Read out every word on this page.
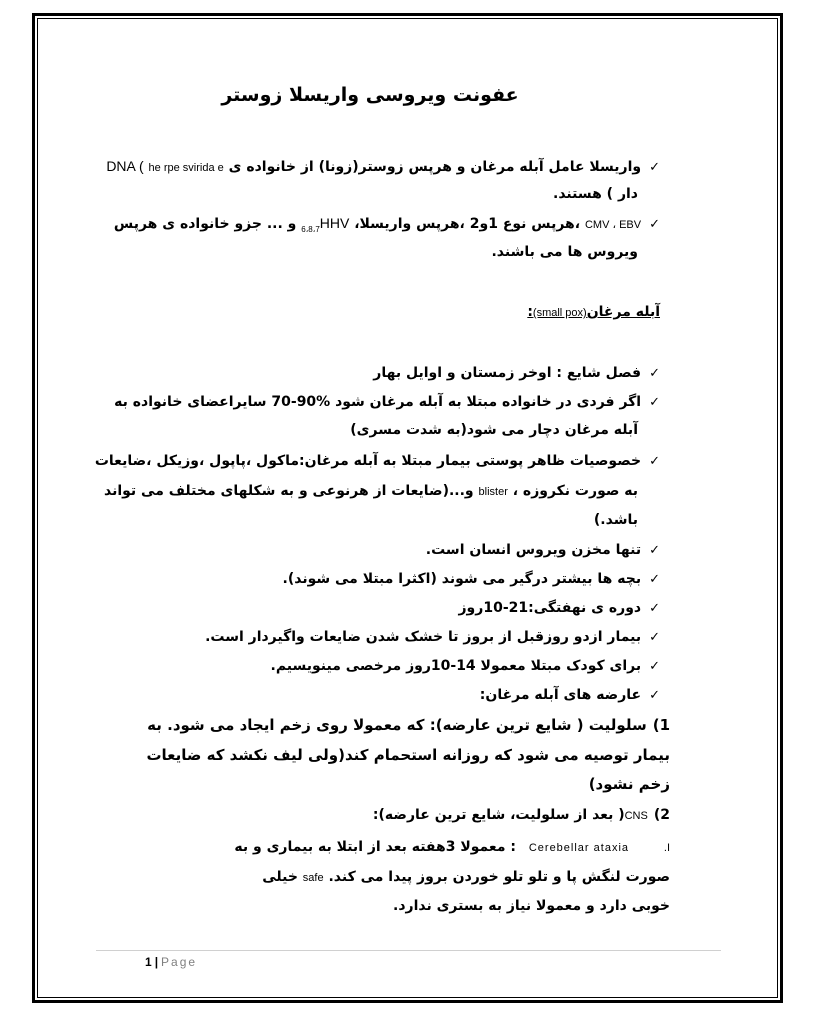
عفونت ویروسی واریسلا زوستر
✓واریسلا عامل آبله مرغان و هرپس زوستر(زونا) از خانواده ی he rpe svirida e DNA (
دار ) هستند.
✓CMV ، EBV ،هرپس نوع 1و2 ،هرپس واریسلا، $HHV_{6،8،7}$ و ... جزو خانواده ی هرپس
ویروس ها می باشند.
آبله مرغان(small pox):
✓فصل شایع : اوخر زمستان و اوایل بهار
✓اگر فردی در خانواده مبتلا به آبله مرغان شود %90-70 سایراعضای خانواده به
آبله مرغان دچار می شود(به شدت مسری)
✓خصوصیات ظاهر پوستی بیمار مبتلا به آبله مرغان:ماکول ،پاپول ،وزیکل ،ضایعات
به صورت نکروزه ، blister و...(ضایعات از هرنوعی و به شکلهای مختلف می تواند
باشد.)
✓تنها مخزن ویروس انسان است.
✓بچه ها بیشتر درگیر می شوند (اکثرا مبتلا می شوند).
✓دوره ی نهفتگی:21-10روز
✓بیمار ازدو روزقبل از بروز تا خشک شدن ضایعات واگیردار است.
✓برای کودک مبتلا معمولا 14-10روز مرخصی مینویسیم.
✓عارضه های آبله مرغان:
1)سلولیت ( شایع ترین عارضه): که معمولا روی زخم ایجاد می شود. به
بیمار توصیه می شود که روزانه استحمام کند(ولی لیف نکشد که ضایعات
زخم نشود)
2)CNS( بعد از سلولیت، شایع ترین عارضه):
I. Cerebellar ataxia : معمولا 3هفته بعد از ابتلا به بیماری و به
صورت لنگش پا و تلو تلو خوردن بروز پیدا می کند. safe خیلی
خوبی دارد و معمولا نیاز به بستری ندارد.
1 | Page
